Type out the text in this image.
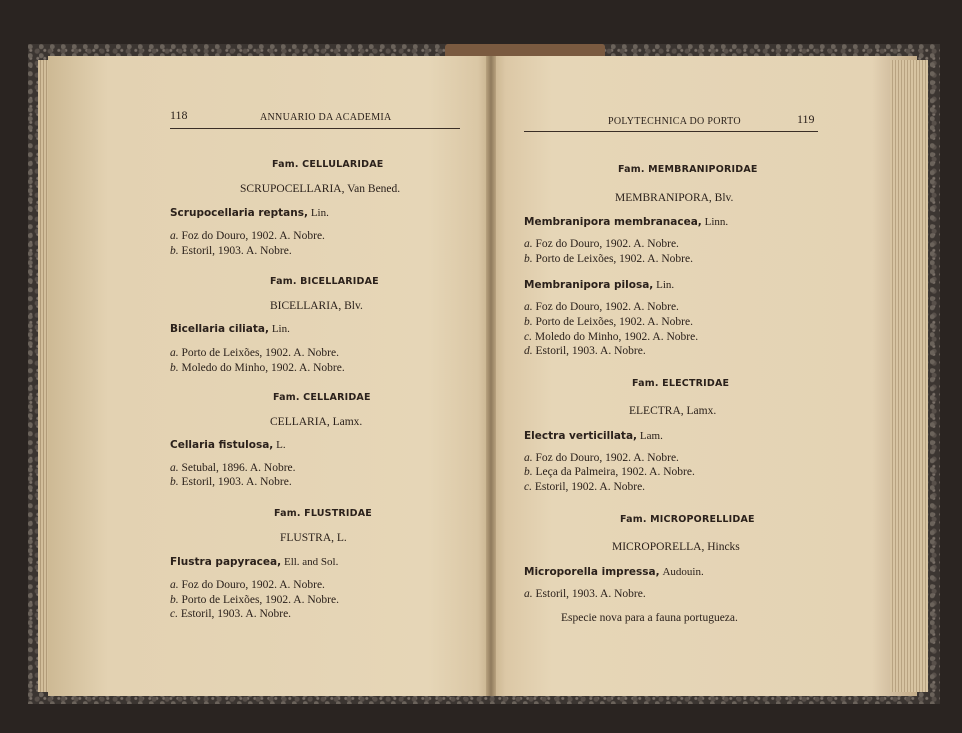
118	ANNUARIO DA ACADEMIA
Fam. CELLULARIDAE
SCRUPOCELLARIA, Van Bened.
Scrupocellaria reptans, Lin.
a. Foz do Douro, 1902. A. Nobre.
b. Estoril, 1903. A. Nobre.
Fam. BICELLARIDAE
BICELLARIA, Blv.
Bicellaria ciliata, Lin.
a. Porto de Leixões, 1902. A. Nobre.
b. Moledo do Minho, 1902. A. Nobre.
Fam. CELLARIDAE
CELLARIA, Lamx.
Cellaria fistulosa, L.
a. Setubal, 1896. A. Nobre.
b. Estoril, 1903. A. Nobre.
Fam. FLUSTRIDAE
FLUSTRA, L.
Flustra papyracea, Ell. and Sol.
a. Foz do Douro, 1902. A. Nobre.
b. Porto de Leixões, 1902. A. Nobre.
c. Estoril, 1903. A. Nobre.
POLYTECHNICA DO PORTO	119
Fam. MEMBRANIPORIDAE
MEMBRANIPORA, Blv.
Membranipora membranacea, Linn.
a. Foz do Douro, 1902. A. Nobre.
b. Porto de Leixões, 1902. A. Nobre.
Membranipora pilosa, Lin.
a. Foz do Douro, 1902. A. Nobre.
b. Porto de Leixões, 1902. A. Nobre.
c. Moledo do Minho, 1902. A. Nobre.
d. Estoril, 1903. A. Nobre.
Fam. ELECTRIDAE
ELECTRA, Lamx.
Electra verticillata, Lam.
a. Foz do Douro, 1902. A. Nobre.
b. Leça da Palmeira, 1902. A. Nobre.
c. Estoril, 1902. A. Nobre.
Fam. MICROPORELLIDAE
MICROPORELLA, Hincks
Microporella impressa, Audouin.
a. Estoril, 1903. A. Nobre.
Especie nova para a fauna portugueza.
